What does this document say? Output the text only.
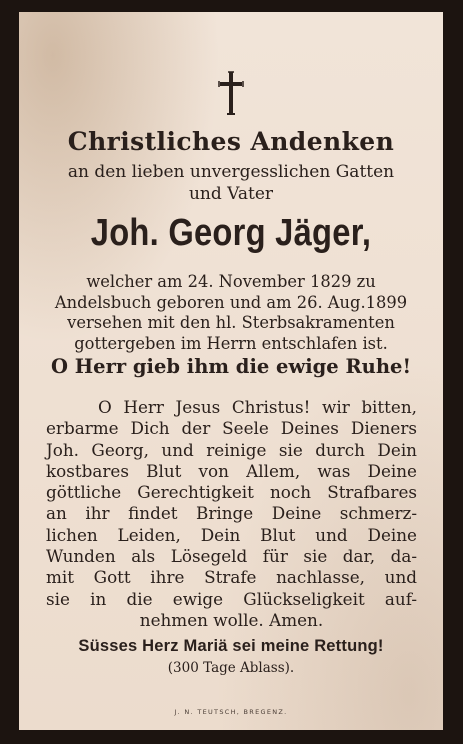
Christliches Andenken
an den lieben unvergesslichen Gatten
und Vater
Joh. Georg Jäger,
welcher am 24. November 1829 zu
Andelsbuch geboren und am 26. Aug.1899
versehen mit den hl. Sterbsakramenten
gottergeben im Herrn entschlafen ist.
O Herr gieb ihm die ewige Ruhe!
O Herr Jesus Christus! wir bitten,
erbarme Dich der Seele Deines Dieners
Joh. Georg, und reinige sie durch Dein
kostbares Blut von Allem, was Deine
göttliche Gerechtigkeit noch Strafbares
an ihr findet Bringe Deine schmerz-
lichen Leiden, Dein Blut und Deine
Wunden als Lösegeld für sie dar, da-
mit Gott ihre Strafe nachlasse, und
sie in die ewige Glückseligkeit auf-
nehmen wolle. Amen.
Süsses Herz Mariä sei meine Rettung!
(300 Tage Ablass).
J. N. TEUTSCH, BREGENZ.
